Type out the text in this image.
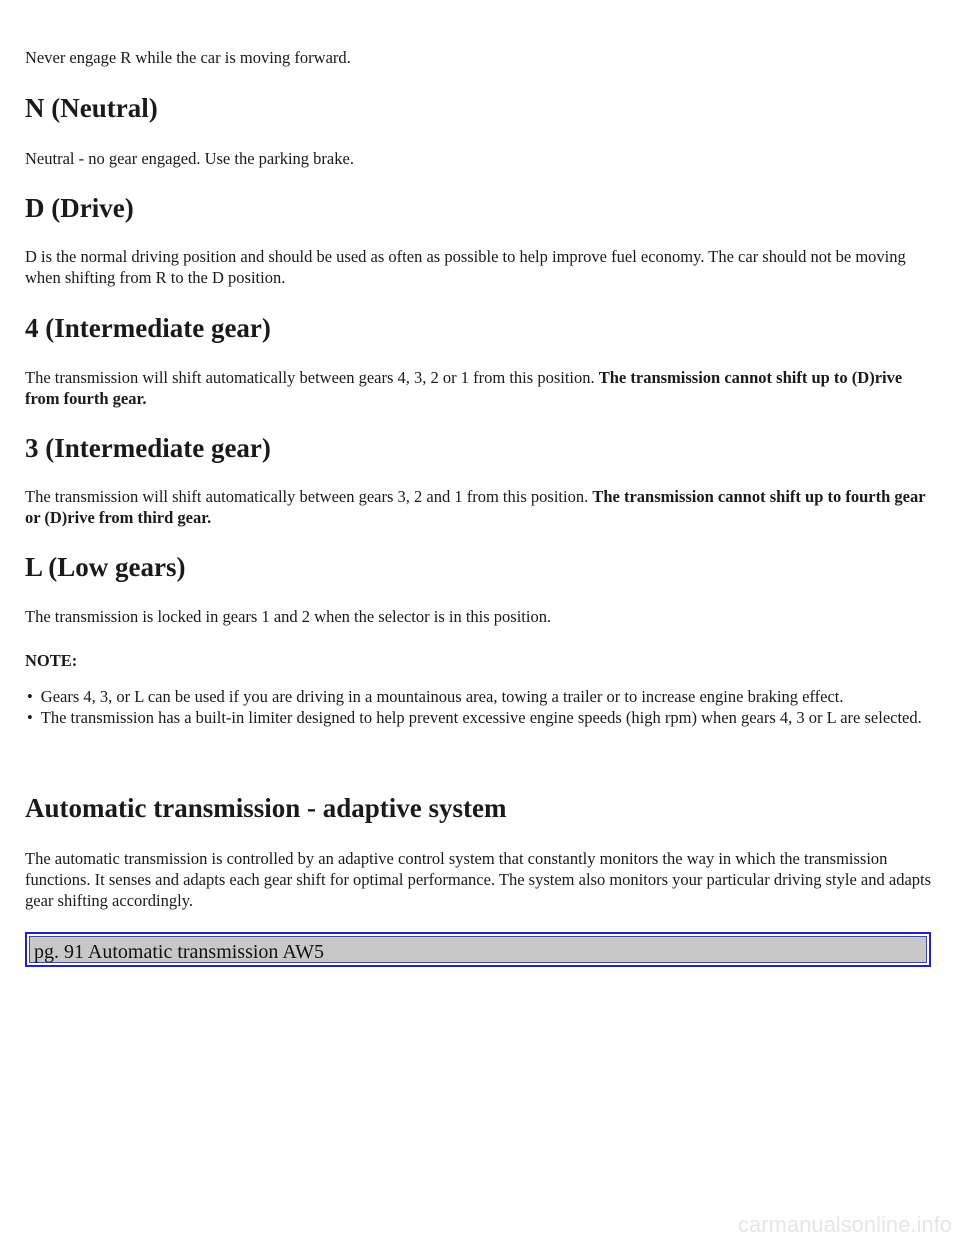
Never engage R while the car is moving forward.

N (Neutral)

Neutral - no gear engaged. Use the parking brake.

D (Drive)

D is the normal driving position and should be used as often as possible to help improve fuel economy. The car should not be moving when shifting from R to the D position.

4 (Intermediate gear)

The transmission will shift automatically between gears 4, 3, 2 or 1 from this position. The transmission cannot shift up to (D)rive from fourth gear.

3 (Intermediate gear)

The transmission will shift automatically between gears 3, 2 and 1 from this position. The transmission cannot shift up to fourth gear or (D)rive from third gear.

L (Low gears)

The transmission is locked in gears 1 and 2 when the selector is in this position.

NOTE:

• Gears 4, 3, or L can be used if you are driving in a mountainous area, towing a trailer or to increase engine braking effect.
• The transmission has a built-in limiter designed to help prevent excessive engine speeds (high rpm) when gears 4, 3 or L are selected.
Automatic transmission - adaptive system

The automatic transmission is controlled by an adaptive control system that constantly monitors the way in which the transmission functions. It senses and adapts each gear shift for optimal performance. The system also monitors your particular driving style and adapts gear shifting accordingly.

pg. 91 Automatic transmission AW5
carmanualsonline.info
